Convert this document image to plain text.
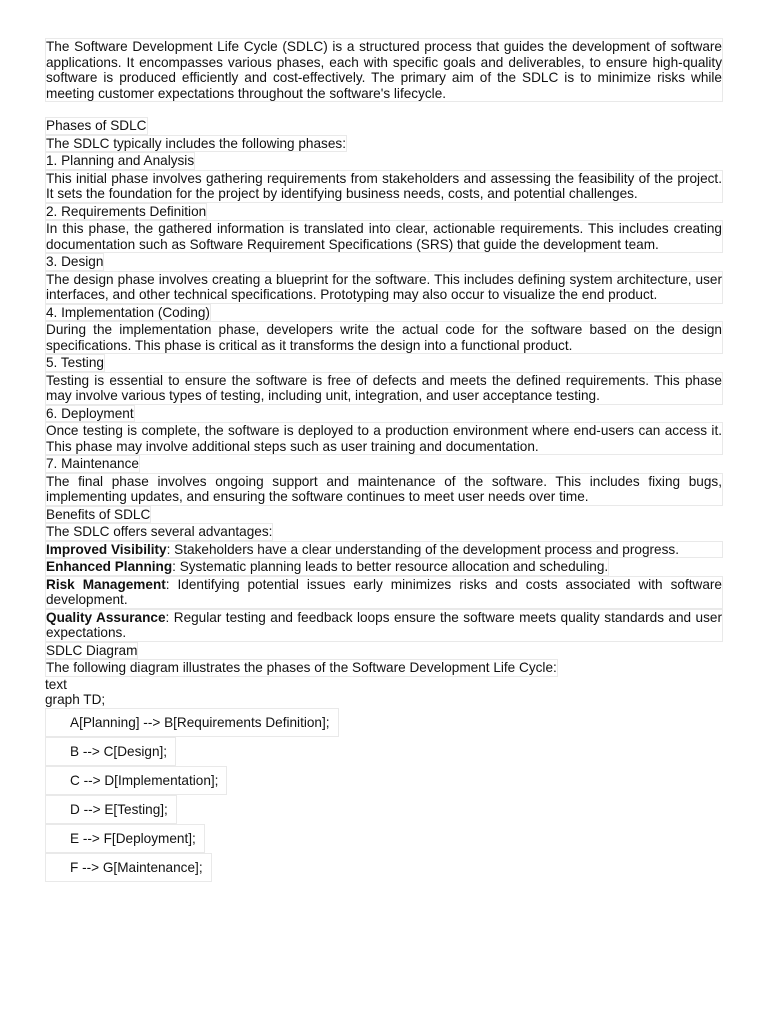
The Software Development Life Cycle (SDLC) is a structured process that guides the development of software applications. It encompasses various phases, each with specific goals and deliverables, to ensure high-quality software is produced efficiently and cost-effectively. The primary aim of the SDLC is to minimize risks while meeting customer expectations throughout the software's lifecycle.
Phases of SDLC
The SDLC typically includes the following phases:
1. Planning and Analysis
This initial phase involves gathering requirements from stakeholders and assessing the feasibility of the project. It sets the foundation for the project by identifying business needs, costs, and potential challenges.
2. Requirements Definition
In this phase, the gathered information is translated into clear, actionable requirements. This includes creating documentation such as Software Requirement Specifications (SRS) that guide the development team.
3. Design
The design phase involves creating a blueprint for the software. This includes defining system architecture, user interfaces, and other technical specifications. Prototyping may also occur to visualize the end product.
4. Implementation (Coding)
During the implementation phase, developers write the actual code for the software based on the design specifications. This phase is critical as it transforms the design into a functional product.
5. Testing
Testing is essential to ensure the software is free of defects and meets the defined requirements. This phase may involve various types of testing, including unit, integration, and user acceptance testing.
6. Deployment
Once testing is complete, the software is deployed to a production environment where end-users can access it. This phase may involve additional steps such as user training and documentation.
7. Maintenance
The final phase involves ongoing support and maintenance of the software. This includes fixing bugs, implementing updates, and ensuring the software continues to meet user needs over time.
Benefits of SDLC
The SDLC offers several advantages:
Improved Visibility: Stakeholders have a clear understanding of the development process and progress.
Enhanced Planning: Systematic planning leads to better resource allocation and scheduling.
Risk Management: Identifying potential issues early minimizes risks and costs associated with software development.
Quality Assurance: Regular testing and feedback loops ensure the software meets quality standards and user expectations.
SDLC Diagram
The following diagram illustrates the phases of the Software Development Life Cycle:
text
graph TD;
A[Planning] --> B[Requirements Definition];
B --> C[Design];
C --> D[Implementation];
D --> E[Testing];
E --> F[Deployment];
F --> G[Maintenance];
